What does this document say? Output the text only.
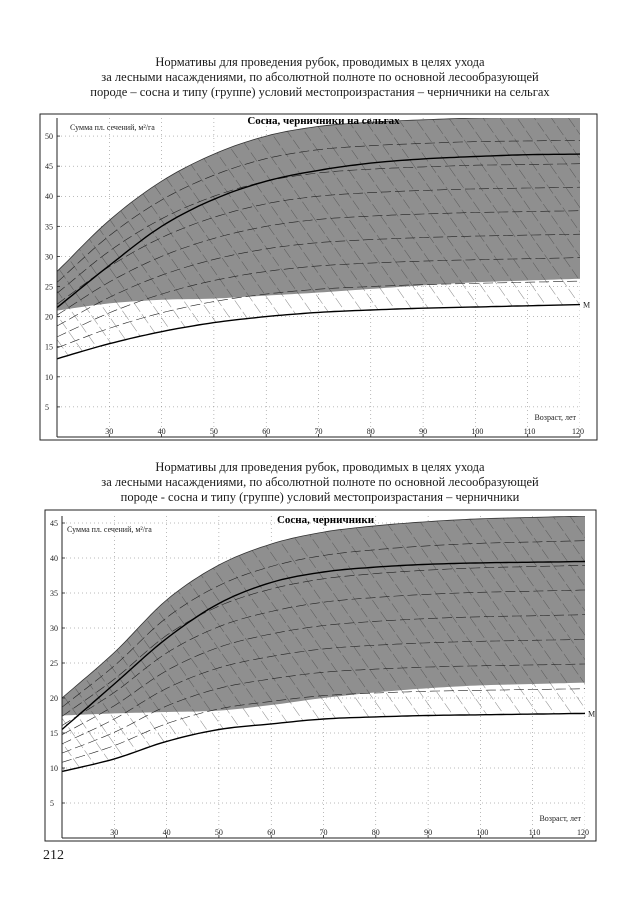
Нормативы для проведения рубок, проводимых в целях ухода
за лесными насаждениями, по абсолютной полноте по основной лесообразующей
породе – сосна и типу (группе) условий местопроизрастания – черничники на сельгах
30	40	50	60	70	80	90	100	110	120
5
10
15
20
25
30
35
40
45
50
Сосна, черничники на сельгах
Сумма пл. сечений, м²/га
Возраст, лет
М
Нормативы для проведения рубок, проводимых в целях ухода
за лесными насаждениями, по абсолютной полноте по основной лесообразующей
породе - сосна и типу (группе) условий местопроизрастания – черничники
30	40	50	60	70	80	90	100	110	120
5
10
15
20
25
30
35
40
45	Сосна, черничники
Сумма пл. сечений, м²/га
Возраст, лет
М
212
